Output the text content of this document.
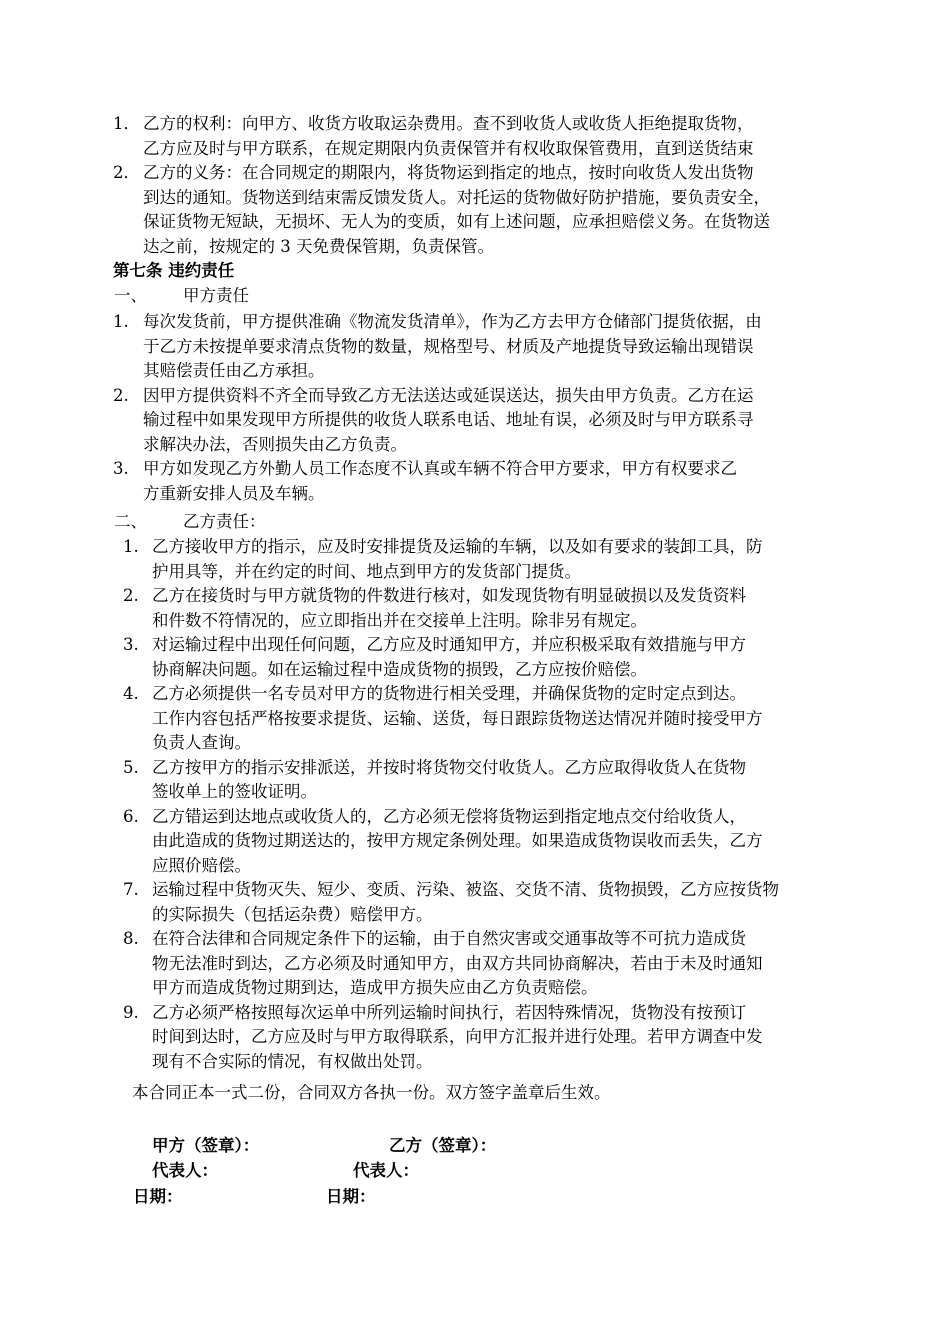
1． 乙方的权利：向甲方、收货方收取运杂费用。查不到收货人或收货人拒绝提取货物，
乙方应及时与甲方联系，在规定期限内负责保管并有权收取保管费用，直到送货结束
2． 乙方的义务：在合同规定的期限内，将货物运到指定的地点，按时向收货人发出货物
到达的通知。货物送到结束需反馈发货人。对托运的货物做好防护措施，要负责安全，
保证货物无短缺，无损坏、无人为的变质，如有上述问题，应承担赔偿义务。在货物送
达之前，按规定的 3 天免费保管期，负责保管。
第七条 违约责任
一、 甲方责任
1. 每次发货前，甲方提供准确《物流发货清单》，作为乙方去甲方仓储部门提货依据，由
于乙方未按提单要求清点货物的数量，规格型号、材质及产地提货导致运输出现错误
其赔偿责任由乙方承担。
2. 因甲方提供资料不齐全而导致乙方无法送达或延误送达，损失由甲方负责。乙方在运
输过程中如果发现甲方所提供的收货人联系电话、地址有误，必须及时与甲方联系寻
求解决办法，否则损失由乙方负责。
3. 甲方如发现乙方外勤人员工作态度不认真或车辆不符合甲方要求，甲方有权要求乙
方重新安排人员及车辆。
二、 乙方责任：
1. 乙方接收甲方的指示，应及时安排提货及运输的车辆，以及如有要求的装卸工具，防
护用具等，并在约定的时间、地点到甲方的发货部门提货。
2. 乙方在接货时与甲方就货物的件数进行核对，如发现货物有明显破损以及发货资料
和件数不符情况的，应立即指出并在交接单上注明。除非另有规定。
3. 对运输过程中出现任何问题，乙方应及时通知甲方，并应积极采取有效措施与甲方
协商解决问题。如在运输过程中造成货物的损毁，乙方应按价赔偿。
4. 乙方必须提供一名专员对甲方的货物进行相关受理，并确保货物的定时定点到达。
工作内容包括严格按要求提货、运输、送货，每日跟踪货物送达情况并随时接受甲方
负责人查询。
5. 乙方按甲方的指示安排派送，并按时将货物交付收货人。乙方应取得收货人在货物
签收单上的签收证明。
6. 乙方错运到达地点或收货人的，乙方必须无偿将货物运到指定地点交付给收货人，
由此造成的货物过期送达的，按甲方规定条例处理。如果造成货物误收而丢失，乙方
应照价赔偿。
7. 运输过程中货物灭失、短少、变质、污染、被盗、交货不清、货物损毁，乙方应按货物
的实际损失（包括运杂费）赔偿甲方。
8. 在符合法律和合同规定条件下的运输，由于自然灾害或交通事故等不可抗力造成货
物无法准时到达，乙方必须及时通知甲方，由双方共同协商解决，若由于未及时通知
甲方而造成货物过期到达，造成甲方损失应由乙方负责赔偿。
9. 乙方必须严格按照每次运单中所列运输时间执行，若因特殊情况，货物没有按预订
时间到达时，乙方应及时与甲方取得联系，向甲方汇报并进行处理。若甲方调查中发
现有不合实际的情况，有权做出处罚。
本合同正本一式二份，合同双方各执一份。双方签字盖章后生效。
甲方（签章）：	乙方（签章）：
代表人：	代表人：
日期：	日期：
